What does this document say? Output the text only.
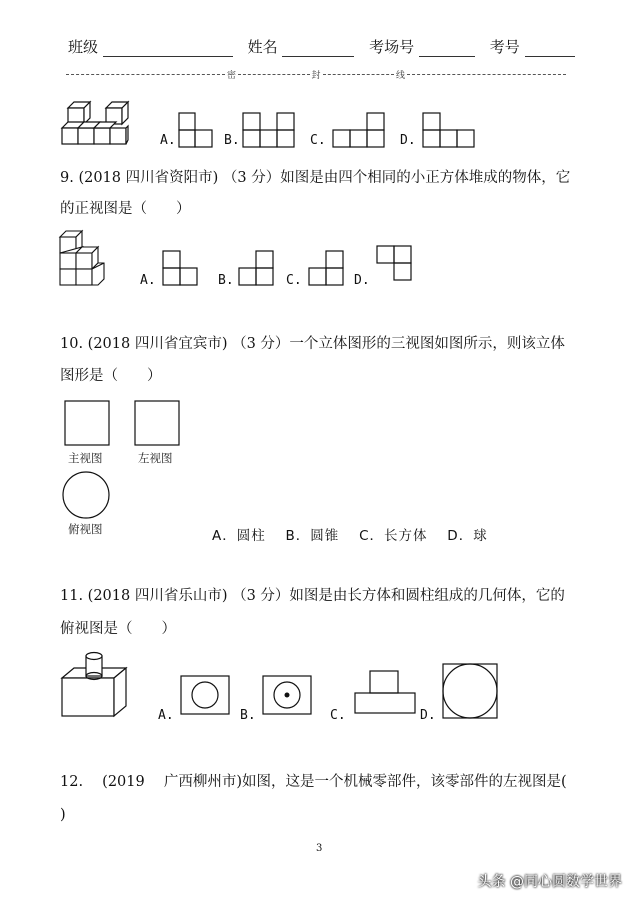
班级	姓名	考场号	考号
密	封	线
A.	B.	C.	D.
9. (2018 四川省资阳市) （3 分）如图是由四个相同的小正方体堆成的物体，它
的正视图是（　　）
A.	B.	C.	D.
10. (2018 四川省宜宾市) （3 分）一个立体图形的三视图如图所示，则该立体
图形是（　　）
主视图	左视图
俯视图	A．圆柱　 B．圆锥　 C．长方体　 D．球
11. (2018 四川省乐山市) （3 分）如图是由长方体和圆柱组成的几何体，它的
俯视图是（　　）
A.	B.	C.	D.
12.　 (2019　 广西柳州市)如图，这是一个机械零部件，该零部件的左视图是(
)
3
头条 @同心圆数学世界
